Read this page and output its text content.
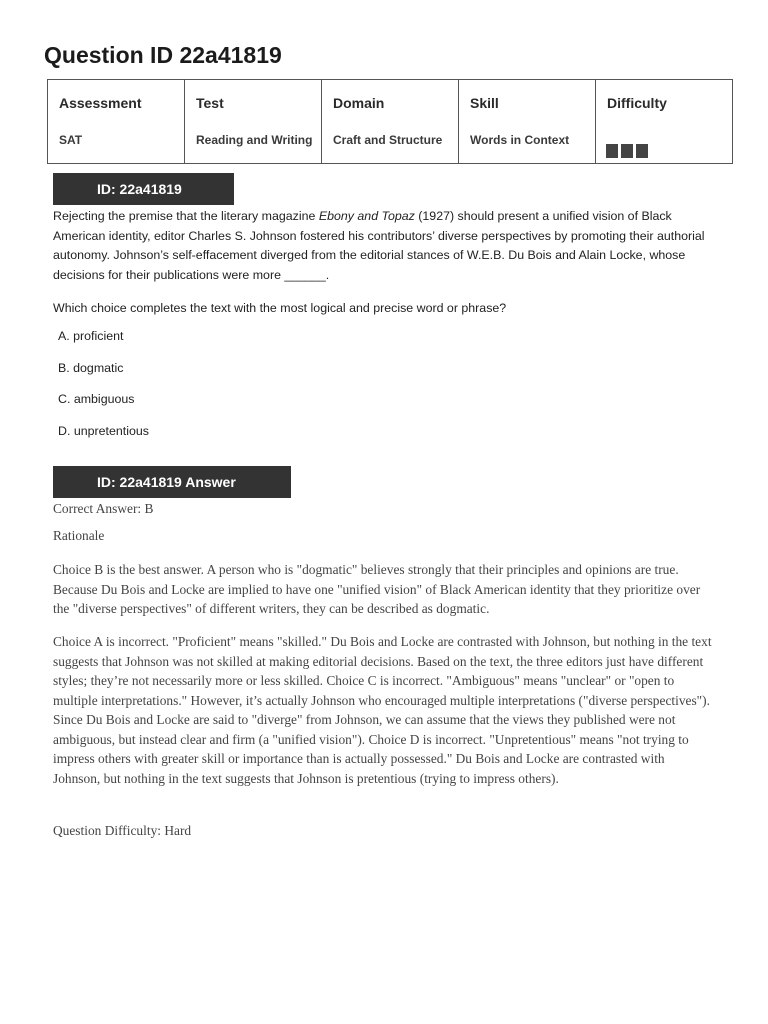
Question ID 22a41819
Assessment
SAT

Test
Reading and Writing

Domain
Craft and Structure

Skill
Words in Context

Difficulty
ID: 22a41819

Rejecting the premise that the literary magazine Ebony and Topaz (1927) should present a unified vision of Black American identity, editor Charles S. Johnson fostered his contributors’ diverse perspectives by promoting their authorial autonomy. Johnson’s self-effacement diverged from the editorial stances of W.E.B. Du Bois and Alain Locke, whose decisions for their publications were more ______.

Which choice completes the text with the most logical and precise word or phrase?

A. proficient
B. dogmatic
C. ambiguous
D. unpretentious
ID: 22a41819 Answer

Correct Answer: B

Rationale

Choice B is the best answer. A person who is "dogmatic" believes strongly that their principles and opinions are true. Because Du Bois and Locke are implied to have one "unified vision" of Black American identity that they prioritize over the "diverse perspectives" of different writers, they can be described as dogmatic.

Choice A is incorrect. "Proficient" means "skilled." Du Bois and Locke are contrasted with Johnson, but nothing in the text suggests that Johnson was not skilled at making editorial decisions. Based on the text, the three editors just have different styles; they’re not necessarily more or less skilled. Choice C is incorrect. "Ambiguous" means "unclear" or "open to multiple interpretations." However, it’s actually Johnson who encouraged multiple interpretations ("diverse perspectives"). Since Du Bois and Locke are said to "diverge" from Johnson, we can assume that the views they published were not ambiguous, but instead clear and firm (a "unified vision"). Choice D is incorrect. "Unpretentious" means "not trying to impress others with greater skill or importance than is actually possessed." Du Bois and Locke are contrasted with Johnson, but nothing in the text suggests that Johnson is pretentious (trying to impress others).

Question Difficulty: Hard
